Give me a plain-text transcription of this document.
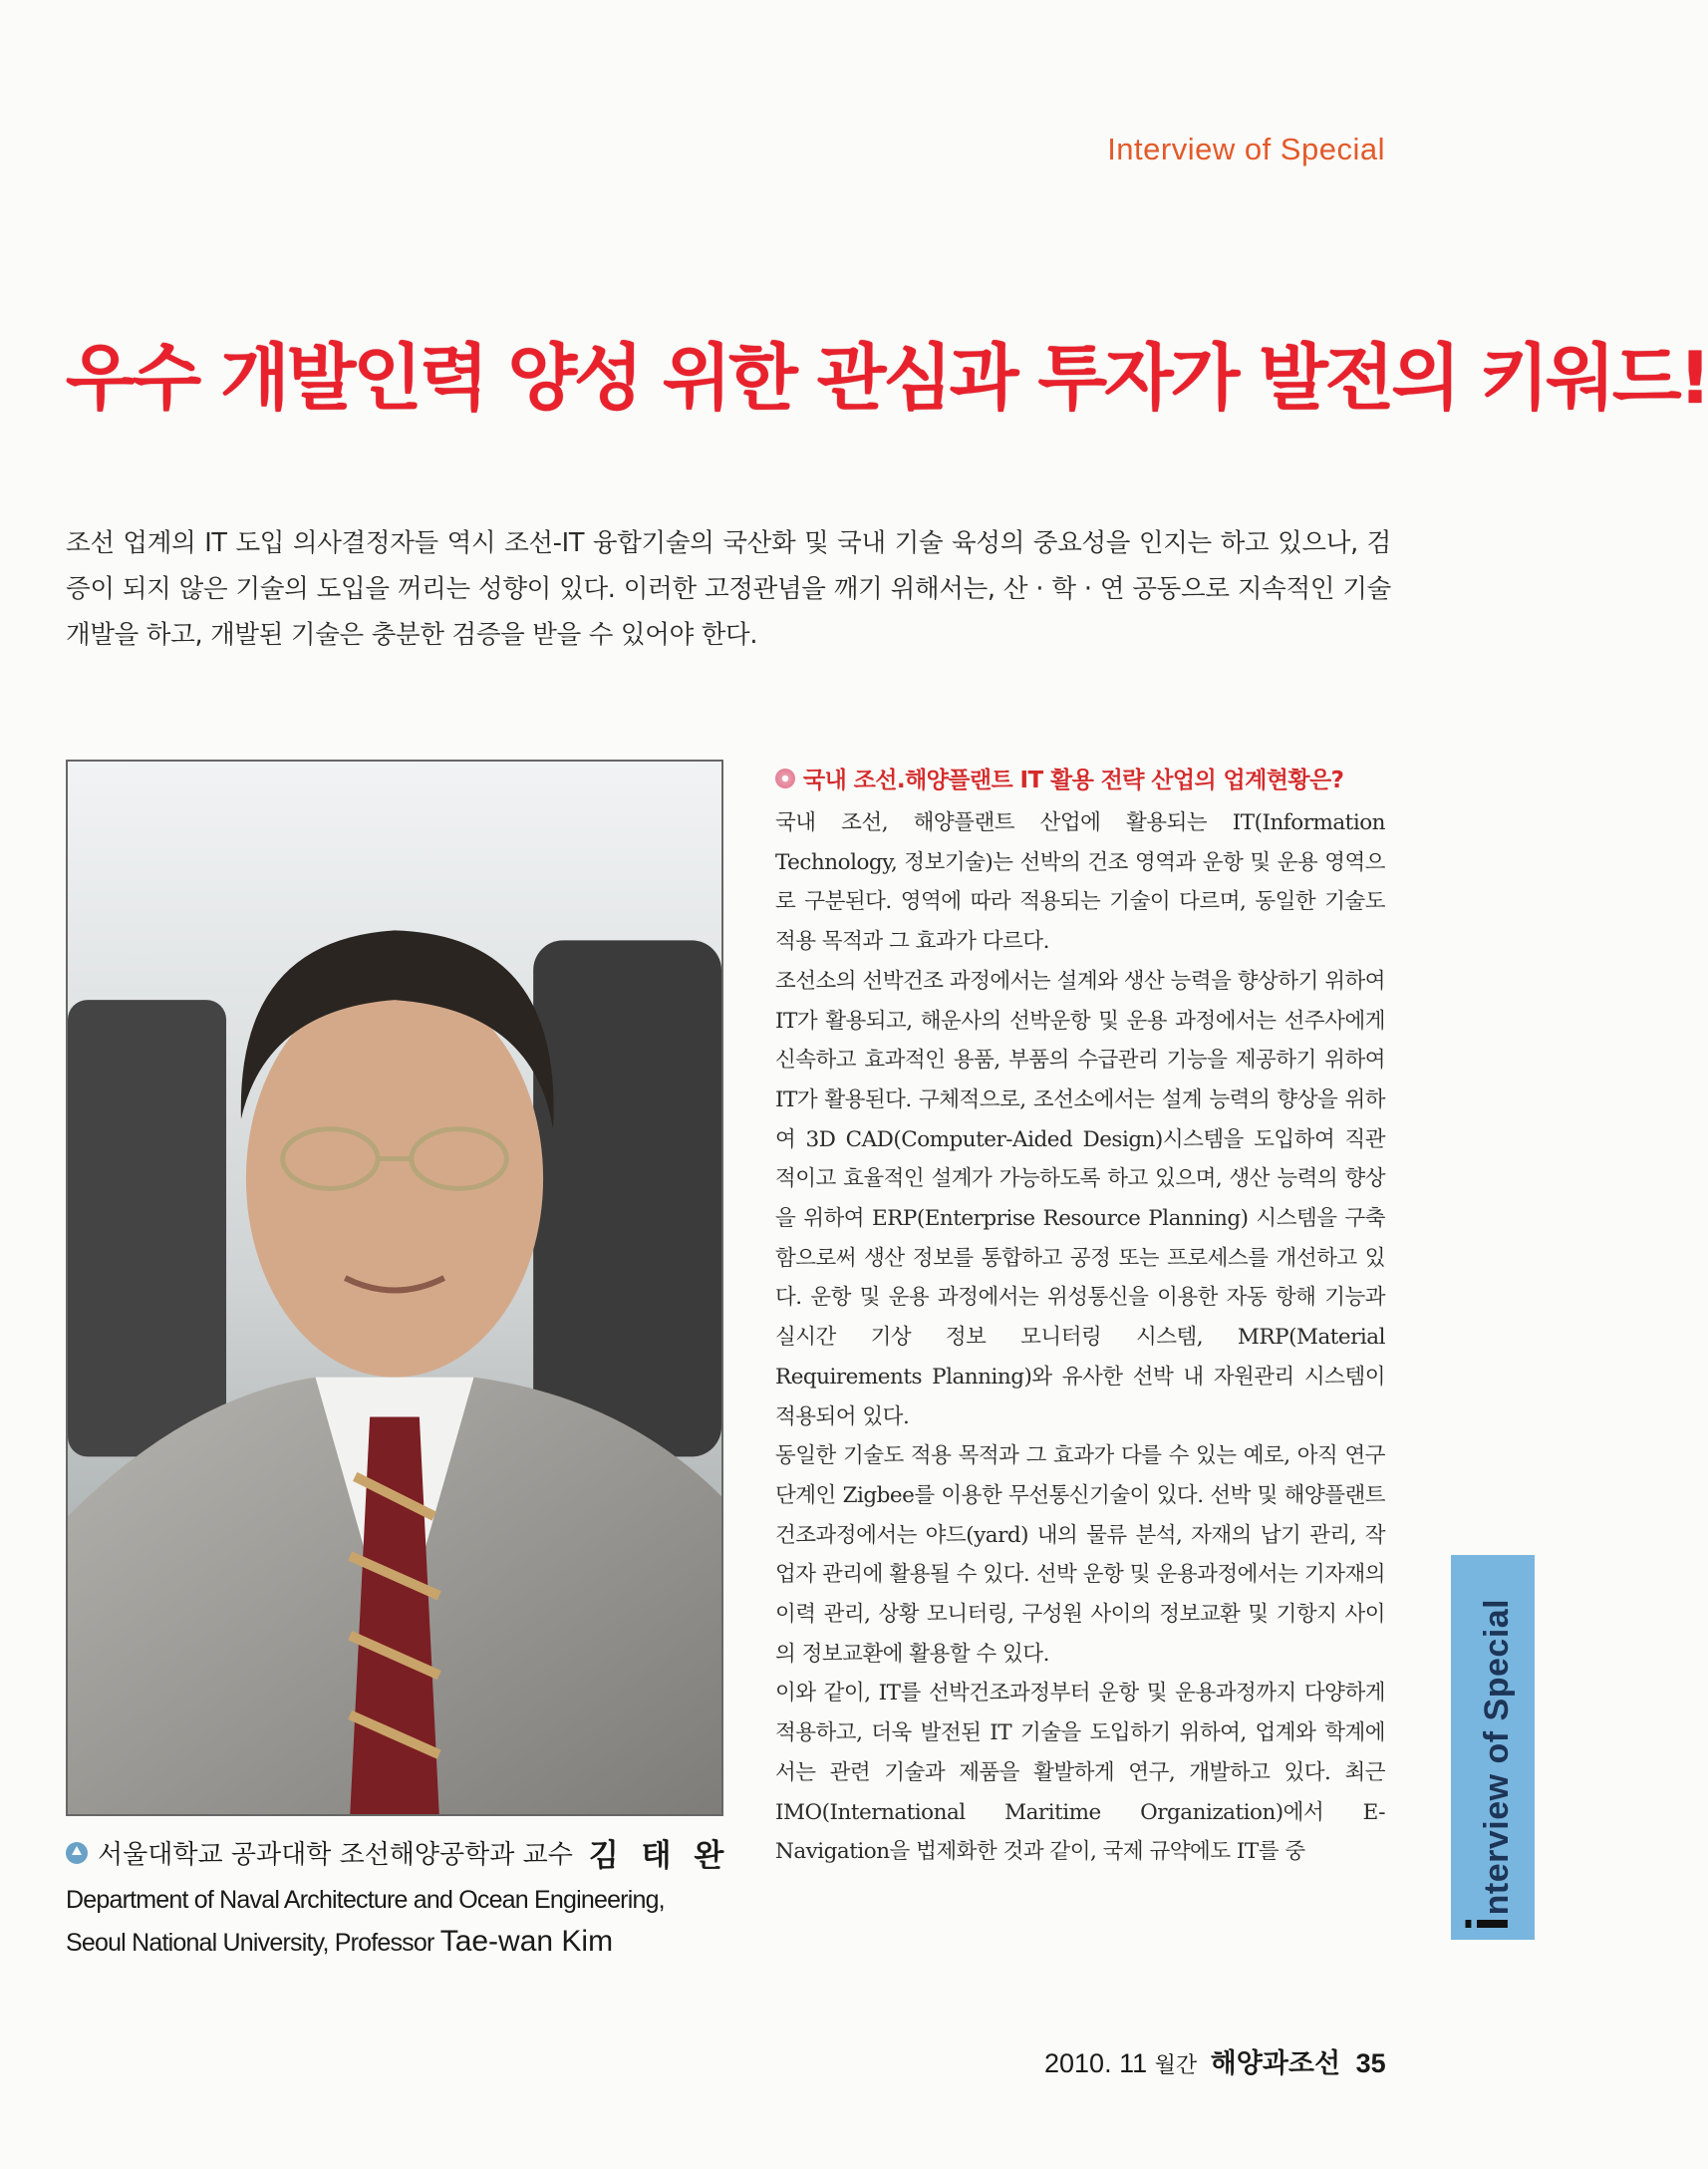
Interview of Special
우수 개발인력 양성 위한 관심과 투자가 발전의 키워드!
조선 업계의 IT 도입 의사결정자들 역시 조선-IT 융합기술의 국산화 및 국내 기술 육성의 중요성을 인지는 하고 있으나, 검증이 되지 않은 기술의 도입을 꺼리는 성향이 있다. 이러한 고정관념을 깨기 위해서는, 산 · 학 · 연 공동으로 지속적인 기술 개발을 하고, 개발된 기술은 충분한 검증을 받을 수 있어야 한다.
서울대학교 공과대학 조선해양공학과 교수 김 태 완
Department of Naval Architecture and Ocean Engineering,
Seoul National University, Professor Tae-wan Kim
국내 조선.해양플랜트 IT 활용 전략 산업의 업계현황은?

국내 조선, 해양플랜트 산업에 활용되는 IT(Information Technology, 정보기술)는 선박의 건조 영역과 운항 및 운용 영역으로 구분된다. 영역에 따라 적용되는 기술이 다르며, 동일한 기술도 적용 목적과 그 효과가 다르다.

조선소의 선박건조 과정에서는 설계와 생산 능력을 향상하기 위하여 IT가 활용되고, 해운사의 선박운항 및 운용 과정에서는 선주사에게 신속하고 효과적인 용품, 부품의 수급관리 기능을 제공하기 위하여 IT가 활용된다. 구체적으로, 조선소에서는 설계 능력의 향상을 위하여 3D CAD(Computer-Aided Design)시스템을 도입하여 직관적이고 효율적인 설계가 가능하도록 하고 있으며, 생산 능력의 향상을 위하여 ERP(Enterprise Resource Planning) 시스템을 구축함으로써 생산 정보를 통합하고 공정 또는 프로세스를 개선하고 있다. 운항 및 운용 과정에서는 위성통신을 이용한 자동 항해 기능과 실시간 기상 정보 모니터링 시스템, MRP(Material Requirements Planning)와 유사한 선박 내 자원관리 시스템이 적용되어 있다.

동일한 기술도 적용 목적과 그 효과가 다를 수 있는 예로, 아직 연구단계인 Zigbee를 이용한 무선통신기술이 있다. 선박 및 해양플랜트 건조과정에서는 야드(yard) 내의 물류 분석, 자재의 납기 관리, 작업자 관리에 활용될 수 있다. 선박 운항 및 운용과정에서는 기자재의 이력 관리, 상황 모니터링, 구성원 사이의 정보교환 및 기항지 사이의 정보교환에 활용할 수 있다.

이와 같이, IT를 선박건조과정부터 운항 및 운용과정까지 다양하게 적용하고, 더욱 발전된 IT 기술을 도입하기 위하여, 업계와 학계에서는 관련 기술과 제품을 활발하게 연구, 개발하고 있다. 최근 IMO(International Maritime Organization)에서 E-Navigation을 법제화한 것과 같이, 국제 규약에도 IT를 중

interview of Special
2010. 11 월간 해양과조선 35
